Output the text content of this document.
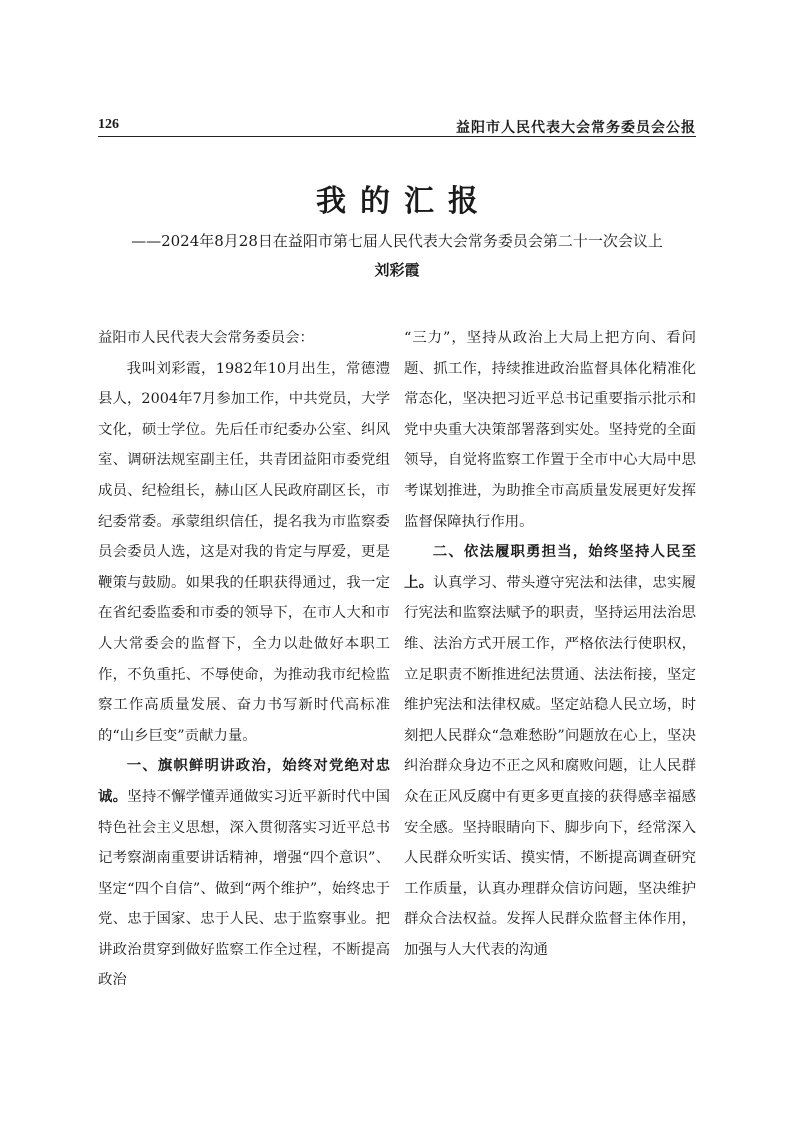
126	益阳市人民代表大会常务委员会公报
我的汇报
——2024年8月28日在益阳市第七届人民代表大会常务委员会第二十一次会议上
刘彩霞

益阳市人民代表大会常务委员会：

我叫刘彩霞，1982年10月出生，常德澧县人，2004年7月参加工作，中共党员，大学文化，硕士学位。先后任市纪委办公室、纠风室、调研法规室副主任，共青团益阳市委党组成员、纪检组长，赫山区人民政府副区长，市纪委常委。承蒙组织信任，提名我为市监察委员会委员人选，这是对我的肯定与厚爱，更是鞭策与鼓励。如果我的任职获得通过，我一定在省纪委监委和市委的领导下，在市人大和市人大常委会的监督下，全力以赴做好本职工作，不负重托、不辱使命，为推动我市纪检监察工作高质量发展、奋力书写新时代高标准的“山乡巨变”贡献力量。

一、旗帜鲜明讲政治，始终对党绝对忠诚。坚持不懈学懂弄通做实习近平新时代中国特色社会主义思想，深入贯彻落实习近平总书记考察湖南重要讲话精神，增强“四个意识”、坚定“四个自信”、做到“两个维护”，始终忠于党、忠于国家、忠于人民、忠于监察事业。把讲政治贯穿到做好监察工作全过程，不断提高政治

“三力”，坚持从政治上大局上把方向、看问题、抓工作，持续推进政治监督具体化精准化常态化，坚决把习近平总书记重要指示批示和党中央重大决策部署落到实处。坚持党的全面领导，自觉将监察工作置于全市中心大局中思考谋划推进，为助推全市高质量发展更好发挥监督保障执行作用。

二、依法履职勇担当，始终坚持人民至上。认真学习、带头遵守宪法和法律，忠实履行宪法和监察法赋予的职责，坚持运用法治思维、法治方式开展工作，严格依法行使职权，立足职责不断推进纪法贯通、法法衔接，坚定维护宪法和法律权威。坚定站稳人民立场，时刻把人民群众“急难愁盼”问题放在心上，坚决纠治群众身边不正之风和腐败问题，让人民群众在正风反腐中有更多更直接的获得感幸福感安全感。坚持眼睛向下、脚步向下，经常深入人民群众听实话、摸实情，不断提高调查研究工作质量，认真办理群众信访问题，坚决维护群众合法权益。发挥人民群众监督主体作用，加强与人大代表的沟通
